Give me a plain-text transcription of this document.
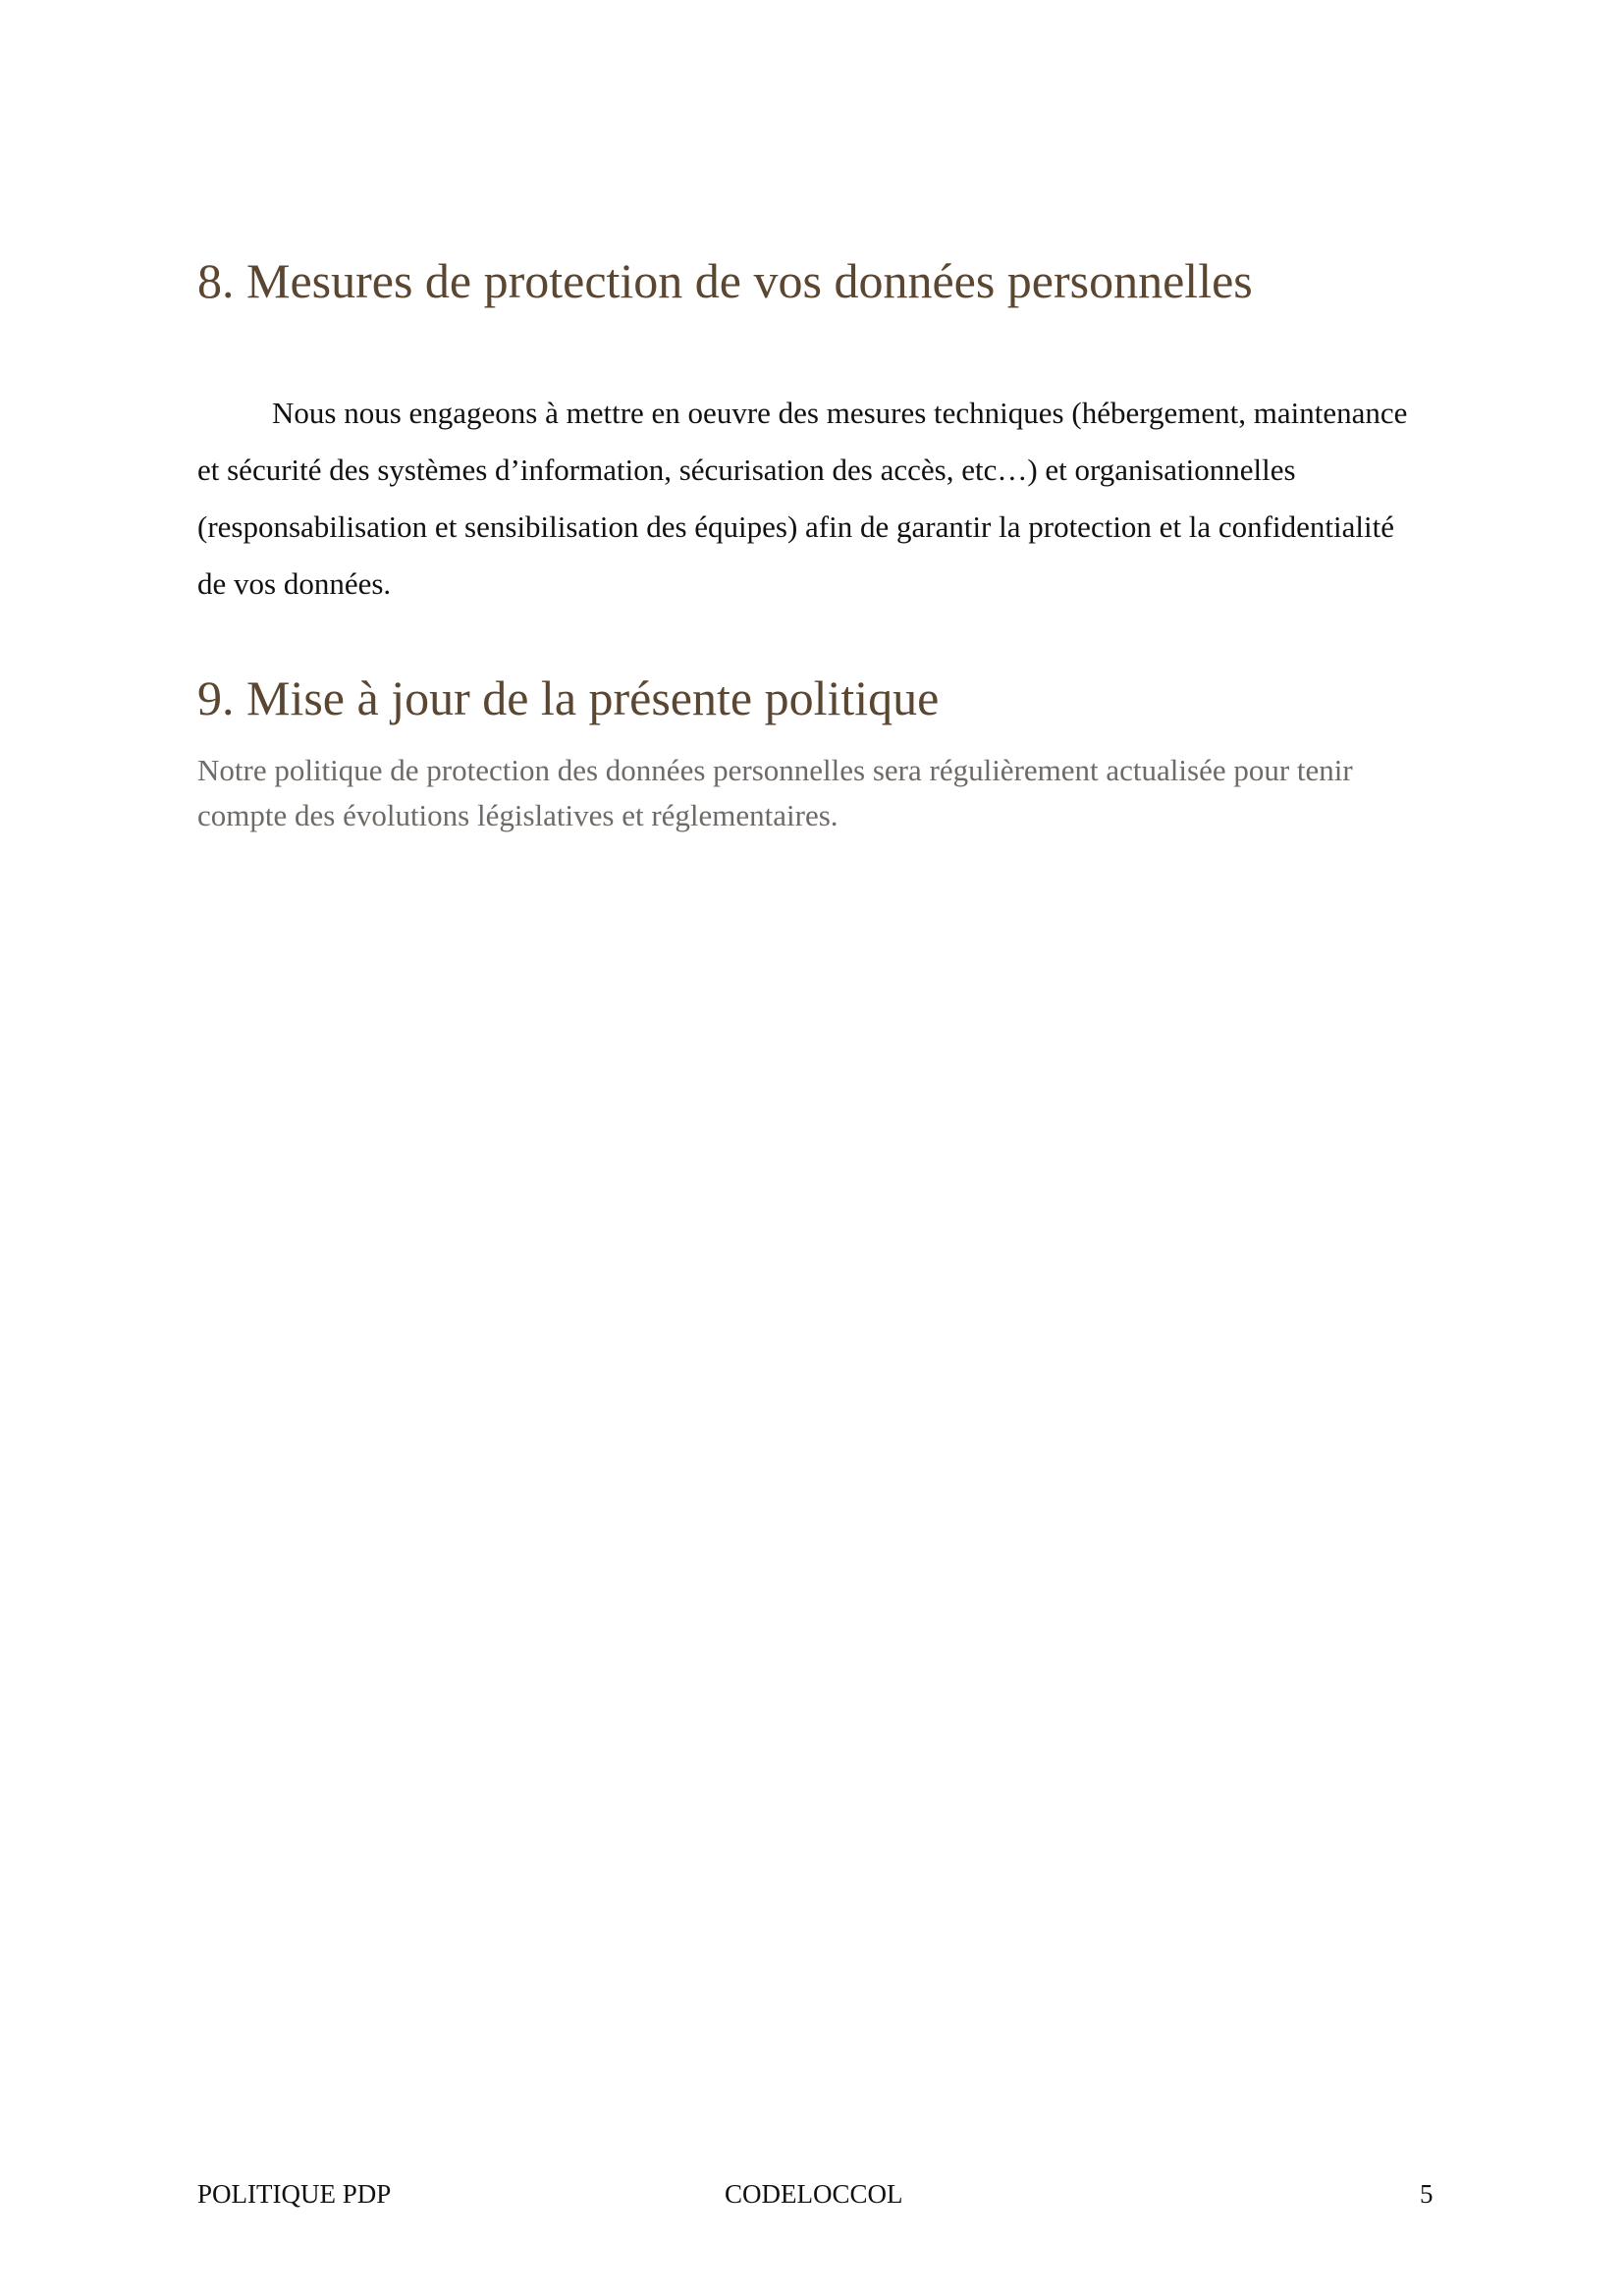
8. Mesures de protection de vos données personnelles

Nous nous engageons à mettre en oeuvre des mesures techniques (hébergement, maintenance et sécurité des systèmes d’information, sécurisation des accès, etc…) et organisationnelles (responsabilisation et sensibilisation des équipes) afin de garantir la protection et la confidentialité de vos données.

9. Mise à jour de la présente politique

Notre politique de protection des données personnelles sera régulièrement actualisée pour tenir compte des évolutions législatives et réglementaires.

POLITIQUE PDP	CODELOCCOL	5
